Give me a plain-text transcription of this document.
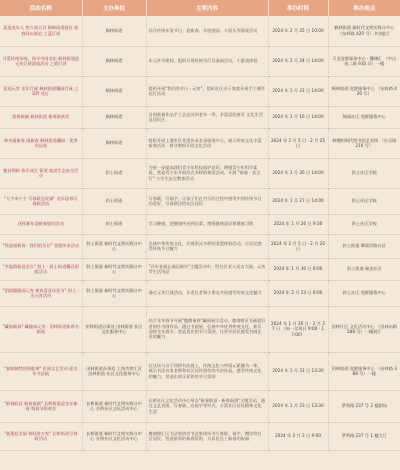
活动名称	主办单位	主要内容	举办时间	举办地点
喜迎龙年人 悠久闻天宫 枫林街道辖区 新春同庆联谊 之蓝灯谜	枫林街道	综合传统年货节日，迎新春，开展游园、卡面头等猜谜活动	2024 年 2 月 25 日 10:00	枫林街道 新时代文明实践分中心 （东岭路 420 号）多功能厅
寻觅传统年味，探寻中国龙年 枫林街道迎元宵灯谜游园活动 之猜灯谜	枫林街道	东元宵节期间，组织开展传统吊灯及演闹活动，小游戏体验	2024 年 2 月 24 日 14:00	天龙党群服务中心 · 馨德汇 （中山南二路 930 弄）一楼
喜迎元宵 龙年灯谜 枫林街道馨园灯谜 之 DIY 花灯	枫林街道	组织开展"我们的节日 · 元宵"，组织社区亲子家庭开展手工制作花灯活动	2024 年 1 月 21 日 14:00	枫林街道 党群服务中心 （东岭路 420 号）
迎春新颜 枫林街道 新春联欢会	枫林街道	自创新春作品手工艺品送到老年一等，丰富居民春节 文化生活及居民区	2024 年 1 月 16 日 14:00	锦园社区 党群服务中心
神奇福新春 闹新春 枫林街道馨园 · 优秀作品展	枫林街道	组织开展上海市区非遗传承名录服务中心，展示传统文化丰富新春活动 · 春节期间开展文化活动	2024 年 2 月 5 日 · 2 月 25 日	林峨明周代图书馆艺术馆 （长乐路 210 号）
翘首期盼 快乐成长 街道 旅游生态安全活动	斜土街道	为进一步提高我们青少年科技保护意识，增强青少年科学素质，营造青少年开展形式多样的课堂活动，开展 "新春 · 安全行" 小学生安全教育活动	2024 年 1 月 26 日 14:00	斜土社区学校
"大手牵小手 写春联送祝福" 龙年迎春写春联活动	斜土街道	写春联，写福字，让孩子们在书写的过程中感受中国传统节日的美好，写春联送给社区居民	2024 年 1 月 27 日 14:00	斜土社区学校
花样新年迎新春慰问活动	斜土街道	学习健康，把健康传送到长辈，增强健康意识和健康习惯	2024 年 1 月 26 日 9:30	斜土社区学校
"拜迎福新春 · 我们的节日" 非遗传承活动	斜土街道 新时代文明实践分中心	弘扬中华传统文化，开展形式多样的非遗体验活动，让居民感受传统节日魅力	2024 年 2 月 5 日 · 2 月 20 日	斜土街道 肇嘉浜路社区
"多姿情新迎龙年" 斜土 · 斜土街道馨意剧组活动	斜土街道 新时代文明实践分中心	"百年老福乞福运新年"主题活动中，给社区老人送去大福、元宵等生活用品	2024 年 1 月 30 日 9:00	斜土街道 瑞金社区
"团团圆圆闹元宵 欢欢喜喜庆佳节" 斜土 · 送元宵活动	斜土街道 新时代文明实践分中心	通过元宵灯谜活动，让老长者和小朋友共同感受传统文化魅力	2024 年 2 月 23 日 9:00	斜土社区 党群服务中心
"藏福新春" 藏趣闹元宵 · 田林街道新春书画展	田林街道办事处 田林街道 社区文化服务中心	结合龙年春节开展"龍腾福春"藏福展示活动，邀请辖区书画爱好者创作书画作品，通过书画展，弘扬中华优秀传统文化、欢乐迎接龙年春节，营造喜庆的节日氛围，让更多居民感受书画艺术的魅力	2024 年 1 月 26 日 · 2 月 27 日 （周一至周日 9:00 · 17:00）	田林社区 文化活动中心 （田林东路 588 号）一楼展厅
"春联城然怡情乾坤" 民间文艺活动 迎龙年书法展	田林街道办事处 上海市徐汇区 田林街道 社区文化服务中心	在这场与众不同的书法展上，传统文化与中国元素融为一体，展示书法名家老师和社区居民创作的书法作品，感受传统文化的魅力，营造出欢乐祥和的节日氛围	2024 年 1 月 31 日 13:30	田林街道 党群服务中心 （田林路 388 号）一楼
"新春联意 新春福满" 长桥街道迎龙年新春 暨春节联欢会	长桥街道 新时代文明实践分中心 长桥社区文化活动中心	长桥社区文化活动中心举办"新春联意 · 新春福满"主题活动，通过文艺表演、写春联、送福字等形式，丰富社区居民精神文化生活	2024 年 1 月 23 日 13:30	罗秀路 237 号 2 楼剧场
"笔墨迎龙福 春联进万家" 长桥街道写春联活动	长桥街道 新时代文明实践分中心 长桥社区文化活动中心	邀请徐汇区书法家协会书法家现场书写春联、福字，赠送给社区居民，营造浓厚的新春氛围，为居民送上新春的祝福	2024 年 2 月 2 日 9:00	罗秀路 237 号 1 楼大厅
